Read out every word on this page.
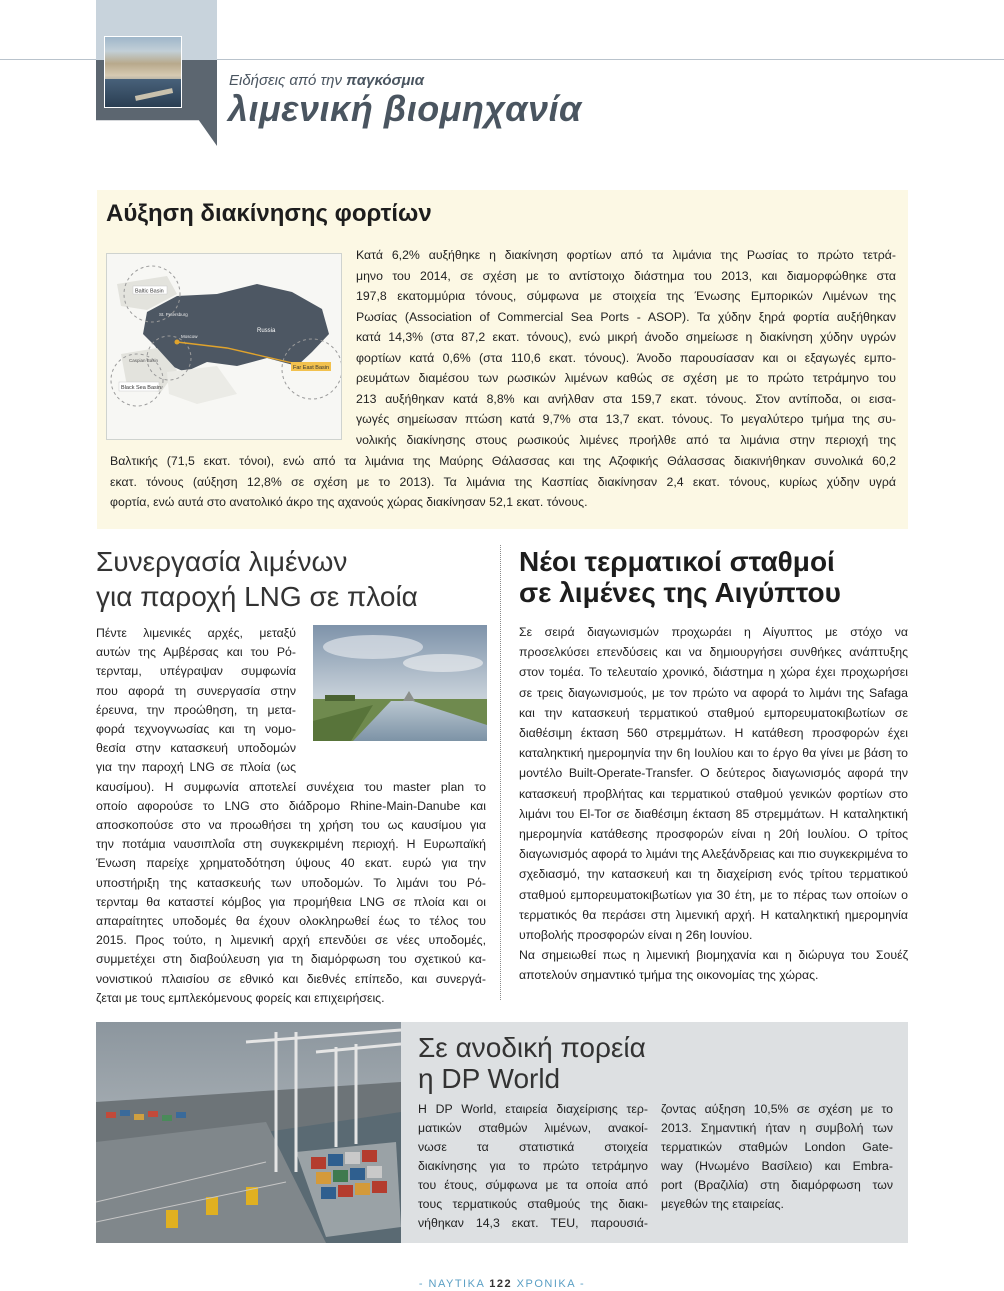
Ειδήσεις από την παγκόσμια
λιμενική βιομηχανία
Αύξηση διακίνησης φορτίων
Baltic Basin
Russia
Far East Basin
Black Sea Basin
Caspian Basin
St. Petersburg
Moscow
Κατά 6,2% αυξήθηκε η διακίνηση φορτίων από τα λιμάνια της Ρωσίας το πρώτο τετρά-
μηνο του 2014, σε σχέση με το αντίστοιχο διάστημα του 2013, και διαμορφώθηκε στα
197,8 εκατομμύρια τόνους, σύμφωνα με στοιχεία της Ένωσης Εμπορικών Λιμένων της
Ρωσίας (Association of Commercial Sea Ports - ASOP). Τα χύδην ξηρά φορτία αυξήθηκαν
κατά 14,3% (στα 87,2 εκατ. τόνους), ενώ μικρή άνοδο σημείωσε η διακίνηση χύδην υγρών
φορτίων κατά 0,6% (στα 110,6 εκατ. τόνους). Άνοδο παρουσίασαν και οι εξαγωγές εμπο-
ρευμάτων διαμέσου των ρωσικών λιμένων καθώς σε σχέση με το πρώτο τετράμηνο του
213 αυξήθηκαν κατά 8,8% και ανήλθαν στα 159,7 εκατ. τόνους. Στον αντίποδα, οι εισα-
γωγές σημείωσαν πτώση κατά 9,7% στα 13,7 εκατ. τόνους. Το μεγαλύτερο τμήμα της συ-
νολικής διακίνησης στους ρωσικούς λιμένες προήλθε από τα λιμάνια στην περιοχή της
Βαλτικής (71,5 εκατ. τόνοι), ενώ από τα λιμάνια της Μαύρης Θάλασσας και της Αζοφικής Θάλασσας διακινήθηκαν συνολικά 60,2
εκατ. τόνους (αύξηση 12,8% σε σχέση με το 2013). Τα λιμάνια της Κασπίας διακίνησαν 2,4 εκατ. τόνους, κυρίως χύδην υγρά
φορτία, ενώ αυτά στο ανατολικό άκρο της αχανούς χώρας διακίνησαν 52,1 εκατ. τόνους.
Συνεργασία λιμένων
για παροχή LNG σε πλοία
Πέντε λιμενικές αρχές, μεταξύ
αυτών της Αμβέρσας και του Ρό-
τερνταμ, υπέγραψαν συμφωνία
που αφορά τη συνεργασία στην
έρευνα, την προώθηση, τη μετα-
φορά τεχνογνωσίας και τη νομο-
θεσία στην κατασκευή υποδομών
για την παροχή LNG σε πλοία (ως
καυσίμου). Η συμφωνία αποτελεί συνέχεια του master plan το
οποίο αφορούσε το LNG στο διάδρομο Rhine-Main-Danube και
αποσκοπούσε στο να προωθήσει τη χρήση του ως καυσίμου για
την ποτάμια ναυσιπλοΐα στη συγκεκριμένη περιοχή. Η Ευρωπαϊκή
Ένωση παρείχε χρηματοδότηση ύψους 40 εκατ. ευρώ για την
υποστήριξη της κατασκευής των υποδομών. Το λιμάνι του Ρό-
τερνταμ θα καταστεί κόμβος για προμήθεια LNG σε πλοία και οι
απαραίτητες υποδομές θα έχουν ολοκληρωθεί έως το τέλος του
2015. Προς τούτο, η λιμενική αρχή επενδύει σε νέες υποδομές,
συμμετέχει στη διαβούλευση για τη διαμόρφωση του σχετικού κα-
νονιστικού πλαισίου σε εθνικό και διεθνές επίπεδο, και συνεργά-
ζεται με τους εμπλεκόμενους φορείς και επιχειρήσεις.
Νέοι τερματικοί σταθμοί
σε λιμένες της Αιγύπτου

Σε σειρά διαγωνισμών προχωράει η Αίγυπτος με στόχο να προσελκύσει επενδύσεις και να δημιουργήσει συνθήκες ανάπτυξης στον τομέα. Το τελευταίο χρονικό, διάστημα η χώρα έχει προχωρήσει σε τρεις διαγωνισμούς, με τον πρώτο να αφορά το λιμάνι της Safaga και την κατασκευή τερματικού σταθμού εμπορευματοκιβωτίων σε διαθέσιμη έκταση 560 στρεμμάτων. Η κατάθεση προσφορών έχει καταληκτική ημερομηνία την 6η Ιουλίου και το έργο θα γίνει με βάση το μοντέλο Built-Operate-Transfer. Ο δεύτερος διαγωνισμός αφορά την κατασκευή προβλήτας και τερματικού σταθμού γενικών φορτίων στο λιμάνι του El-Tor σε διαθέσιμη έκταση 85 στρεμμάτων. Η καταληκτική ημερομηνία κατάθεσης προσφορών είναι η 20ή Ιουλίου. Ο τρίτος διαγωνισμός αφορά το λιμάνι της Αλεξάνδρειας και πιο συγκεκριμένα το σχεδιασμό, την κατασκευή και τη διαχείριση ενός τρίτου τερματικού σταθμού εμπορευματοκιβωτίων για 30 έτη, με το πέρας των οποίων ο τερματικός θα περάσει στη λιμενική αρχή. Η καταληκτική ημερομηνία υποβολής προσφορών είναι η 26η Ιουνίου.

Να σημειωθεί πως η λιμενική βιομηχανία και η διώρυγα του Σουέζ αποτελούν σημαντικό τμήμα της οικονομίας της χώρας.

Σε ανοδική πορεία
η DP World
Η DP World, εταιρεία διαχείρισης τερ-
ματικών σταθμών λιμένων, ανακοί-
νωσε τα στατιστικά στοιχεία
διακίνησης για το πρώτο τετράμηνο
του έτους, σύμφωνα με τα οποία από
τους τερματικούς σταθμούς της διακι-
νήθηκαν 14,3 εκατ. TEU, παρουσιά-
ζοντας αύξηση 10,5% σε σχέση με το
2013. Σημαντική ήταν η συμβολή των
τερματικών σταθμών London Gate-
way (Ηνωμένο Βασίλειο) και Embra-
port (Βραζιλία) στη διαμόρφωση των
μεγεθών της εταιρείας.
- ΝΑΥΤΙΚΑ 122 ΧΡΟΝΙΚΑ -
